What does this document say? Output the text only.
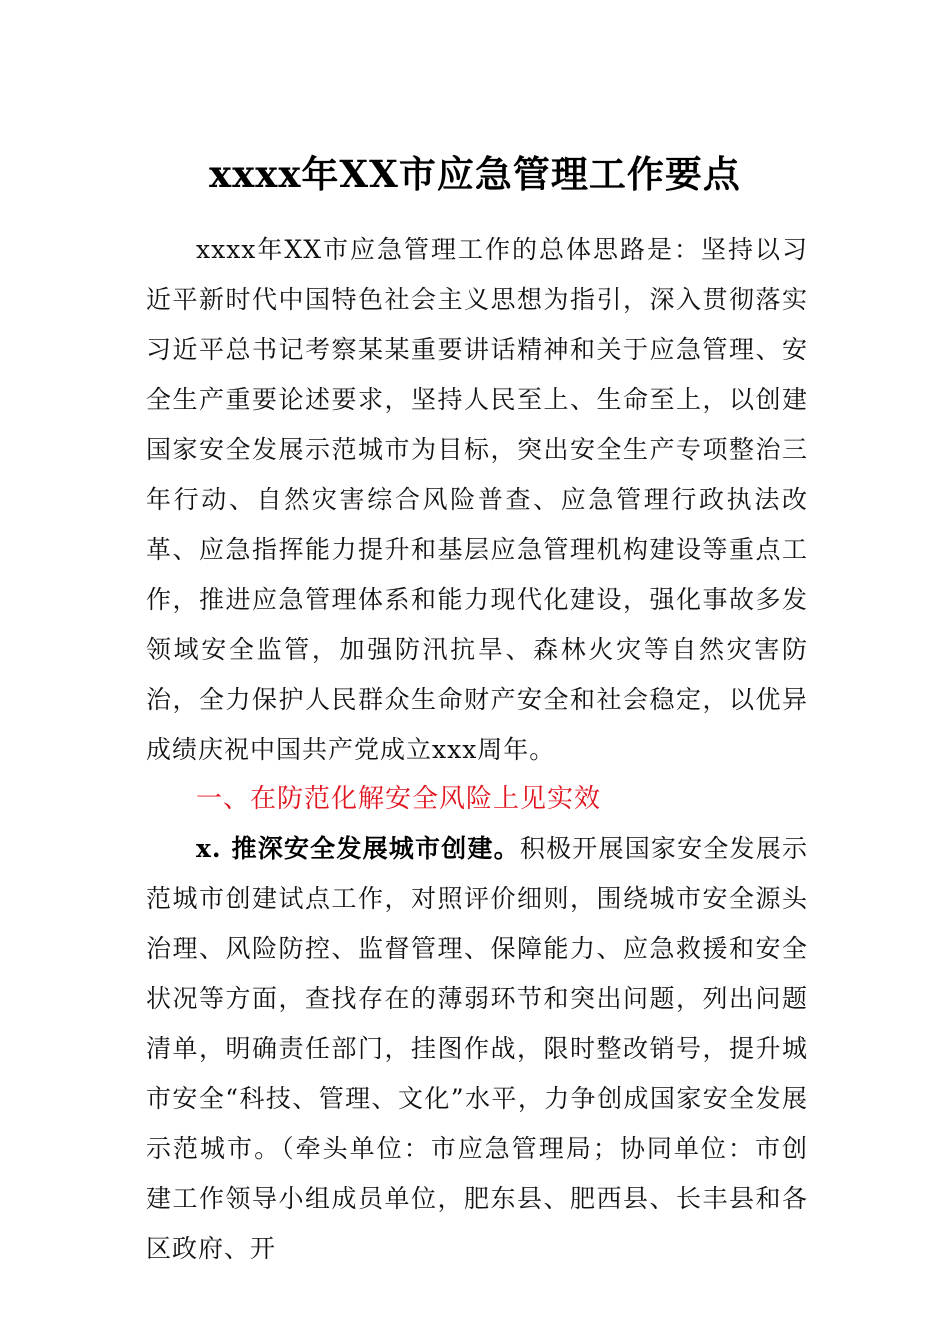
xxxx年XX市应急管理工作要点
xxxx年XX市应急管理工作的总体思路是：坚持以习近平新时代中国特色社会主义思想为指引，深入贯彻落实习近平总书记考察某某重要讲话精神和关于应急管理、安全生产重要论述要求，坚持人民至上、生命至上，以创建国家安全发展示范城市为目标，突出安全生产专项整治三年行动、自然灾害综合风险普查、应急管理行政执法改革、应急指挥能力提升和基层应急管理机构建设等重点工作，推进应急管理体系和能力现代化建设，强化事故多发领域安全监管，加强防汛抗旱、森林火灾等自然灾害防治，全力保护人民群众生命财产安全和社会稳定，以优异成绩庆祝中国共产党成立xxx周年。
一、在防范化解安全风险上见实效
x. 推深安全发展城市创建。积极开展国家安全发展示范城市创建试点工作，对照评价细则，围绕城市安全源头治理、风险防控、监督管理、保障能力、应急救援和安全状况等方面，查找存在的薄弱环节和突出问题，列出问题清单，明确责任部门，挂图作战，限时整改销号，提升城市安全“科技、管理、文化”水平，力争创成国家安全发展示范城市。（牵头单位：市应急管理局；协同单位：市创建工作领导小组成员单位，肥东县、肥西县、长丰县和各区政府、开
